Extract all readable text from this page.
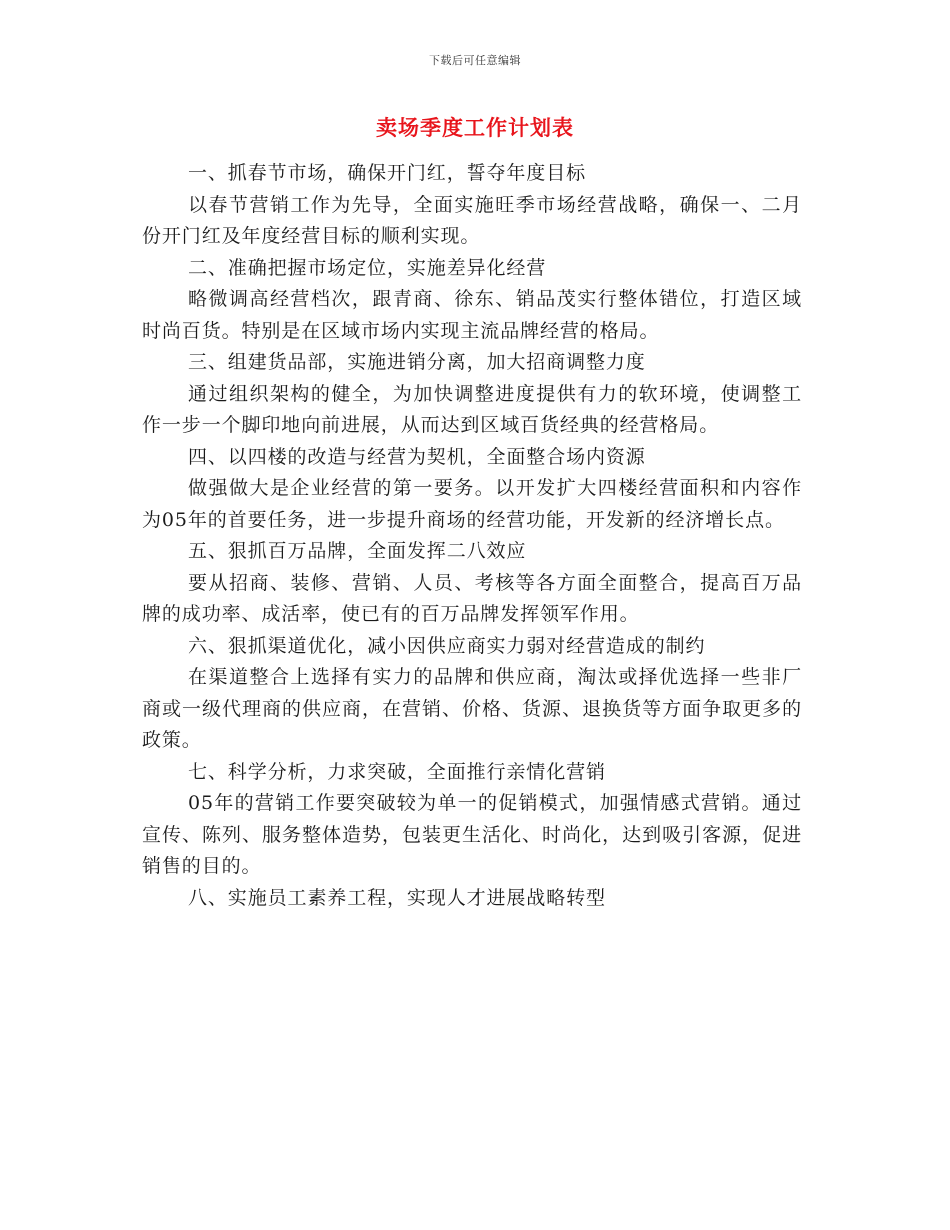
下载后可任意编辑
卖场季度工作计划表

一、抓春节市场，确保开门红，誓夺年度目标

以春节营销工作为先导，全面实施旺季市场经营战略，确保一、二月份开门红及年度经营目标的顺利实现。

二、准确把握市场定位，实施差异化经营

略微调高经营档次，跟青商、徐东、销品茂实行整体错位，打造区域时尚百货。特别是在区域市场内实现主流品牌经营的格局。

三、组建货品部，实施进销分离，加大招商调整力度

通过组织架构的健全，为加快调整进度提供有力的软环境，使调整工作一步一个脚印地向前进展，从而达到区域百货经典的经营格局。

四、以四楼的改造与经营为契机，全面整合场内资源

做强做大是企业经营的第一要务。以开发扩大四楼经营面积和内容作为05年的首要任务，进一步提升商场的经营功能，开发新的经济增长点。

五、狠抓百万品牌，全面发挥二八效应

要从招商、装修、营销、人员、考核等各方面全面整合，提高百万品牌的成功率、成活率，使已有的百万品牌发挥领军作用。

六、狠抓渠道优化，减小因供应商实力弱对经营造成的制约

在渠道整合上选择有实力的品牌和供应商，淘汰或择优选择一些非厂商或一级代理商的供应商，在营销、价格、货源、退换货等方面争取更多的政策。

七、科学分析，力求突破，全面推行亲情化营销

05年的营销工作要突破较为单一的促销模式，加强情感式营销。通过宣传、陈列、服务整体造势，包装更生活化、时尚化，达到吸引客源，促进销售的目的。

八、实施员工素养工程，实现人才进展战略转型
